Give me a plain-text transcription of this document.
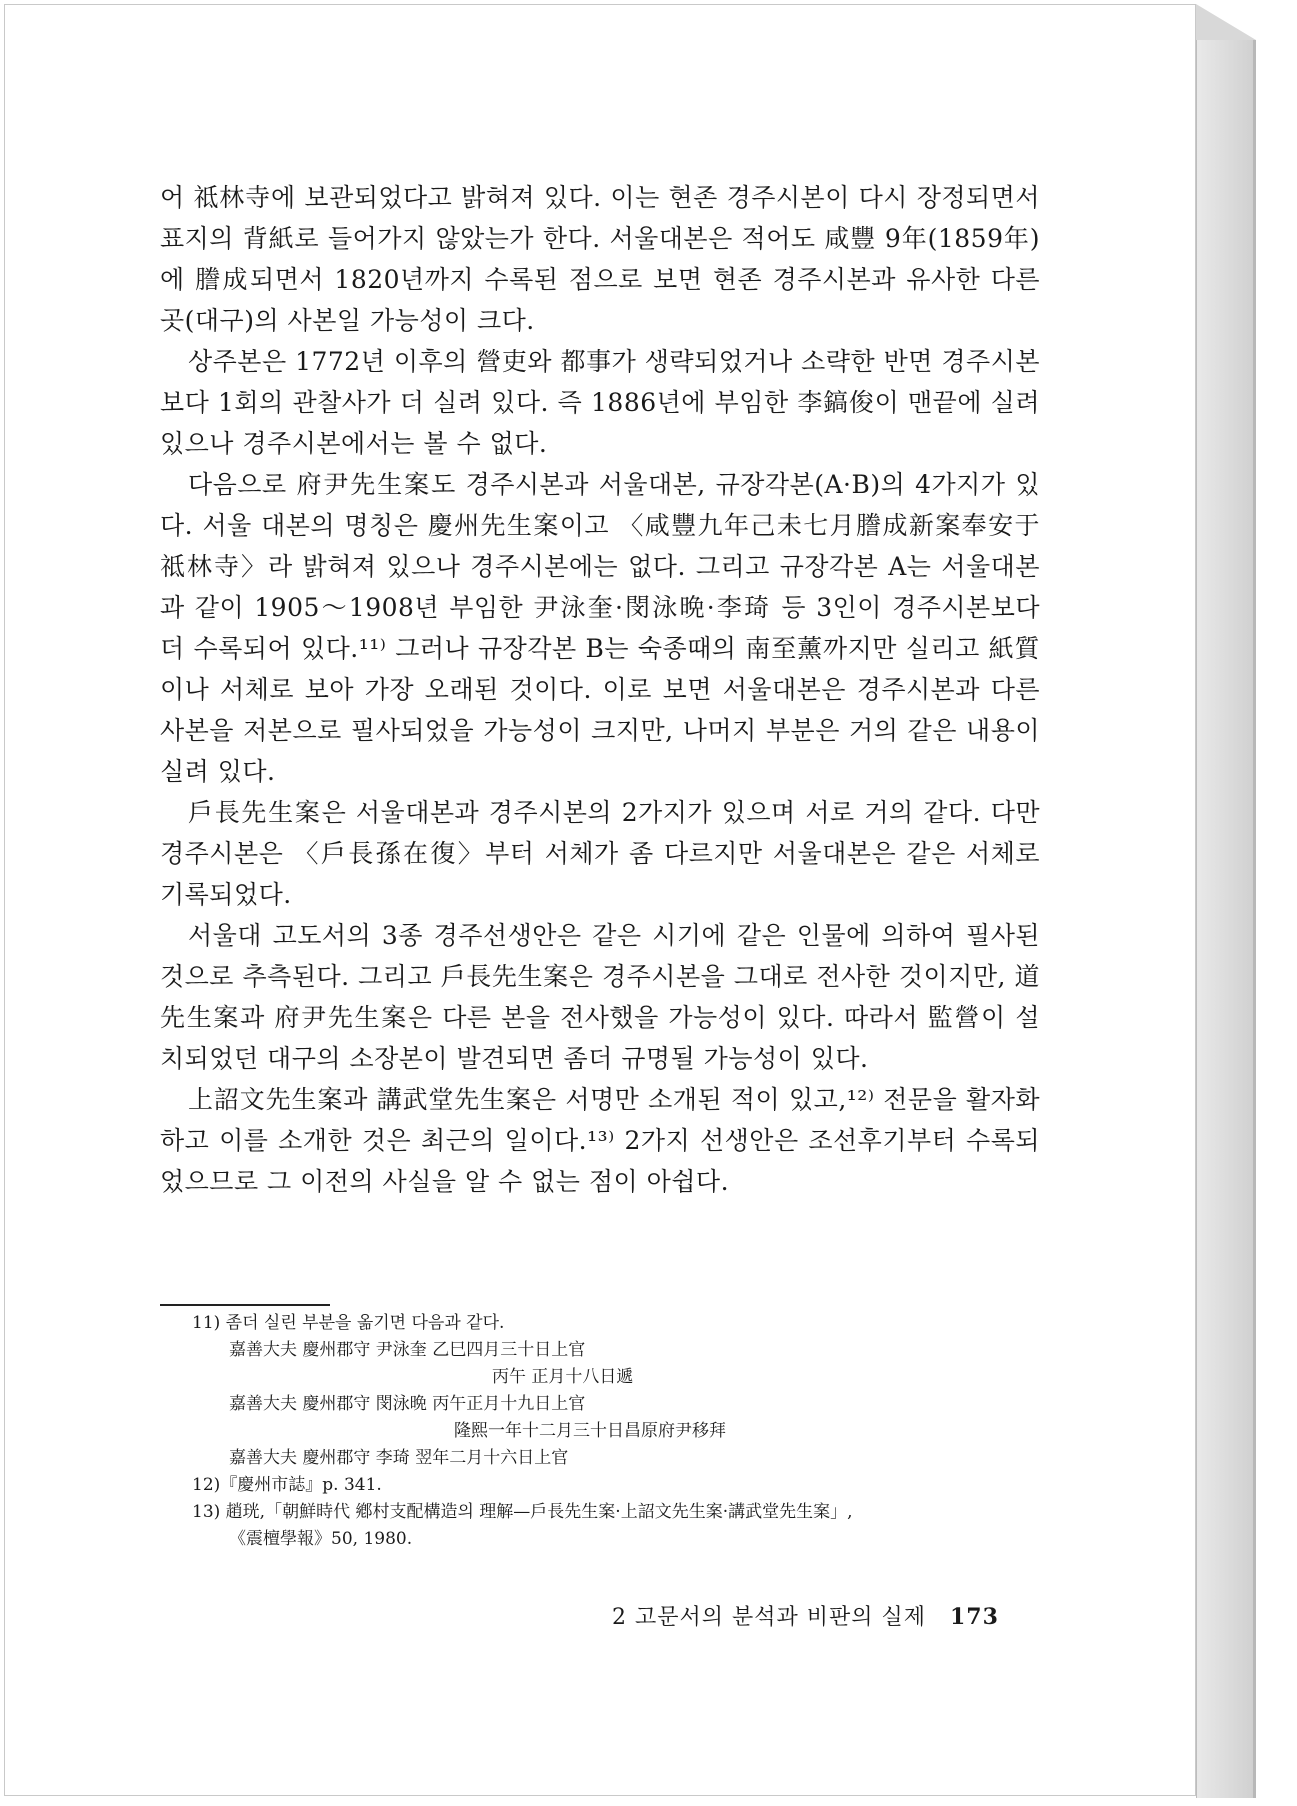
어 祗林寺에 보관되었다고 밝혀져 있다. 이는 현존 경주시본이 다시 장정되면서 표지의 背紙로 들어가지 않았는가 한다. 서울대본은 적어도 咸豐 9年(1859年)에 謄成되면서 1820년까지 수록된 점으로 보면 현존 경주시본과 유사한 다른 곳(대구)의 사본일 가능성이 크다.

상주본은 1772년 이후의 營吏와 都事가 생략되었거나 소략한 반면 경주시본보다 1회의 관찰사가 더 실려 있다. 즉 1886년에 부임한 李鎬俊이 맨끝에 실려 있으나 경주시본에서는 볼 수 없다.

다음으로 府尹先生案도 경주시본과 서울대본, 규장각본(A·B)의 4가지가 있다. 서울 대본의 명칭은 慶州先生案이고 〈咸豐九年己未七月謄成新案奉安于祗林寺〉라 밝혀져 있으나 경주시본에는 없다. 그리고 규장각본 A는 서울대본과 같이 1905～1908년 부임한 尹泳奎·閔泳晩·李琦 등 3인이 경주시본보다 더 수록되어 있다.¹¹⁾ 그러나 규장각본 B는 숙종때의 南至薰까지만 실리고 紙質이나 서체로 보아 가장 오래된 것이다. 이로 보면 서울대본은 경주시본과 다른 사본을 저본으로 필사되었을 가능성이 크지만, 나머지 부분은 거의 같은 내용이 실려 있다.

戶長先生案은 서울대본과 경주시본의 2가지가 있으며 서로 거의 같다. 다만 경주시본은 〈戶長孫在復〉부터 서체가 좀 다르지만 서울대본은 같은 서체로 기록되었다.

서울대 고도서의 3종 경주선생안은 같은 시기에 같은 인물에 의하여 필사된 것으로 추측된다. 그리고 戶長先生案은 경주시본을 그대로 전사한 것이지만, 道先生案과 府尹先生案은 다른 본을 전사했을 가능성이 있다. 따라서 監營이 설치되었던 대구의 소장본이 발견되면 좀더 규명될 가능성이 있다.

上詔文先生案과 講武堂先生案은 서명만 소개된 적이 있고,¹²⁾ 전문을 활자화하고 이를 소개한 것은 최근의 일이다.¹³⁾ 2가지 선생안은 조선후기부터 수록되었으므로 그 이전의 사실을 알 수 없는 점이 아쉽다.

11) 좀더 실린 부분을 옮기면 다음과 같다.

嘉善大夫 慶州郡守 尹泳奎 乙巳四月三十日上官

丙午 正月十八日遞

嘉善大夫 慶州郡守 閔泳晩 丙午正月十九日上官

隆熙一年十二月三十日昌原府尹移拜

嘉善大夫 慶州郡守 李琦 翌年二月十六日上官

12)『慶州市誌』p. 341.

13) 趙珖,「朝鮮時代 鄕村支配構造의 理解—戶長先生案·上詔文先生案·講武堂先生案」,

《震檀學報》50, 1980.

2 고문서의 분석과 비판의 실제 173
